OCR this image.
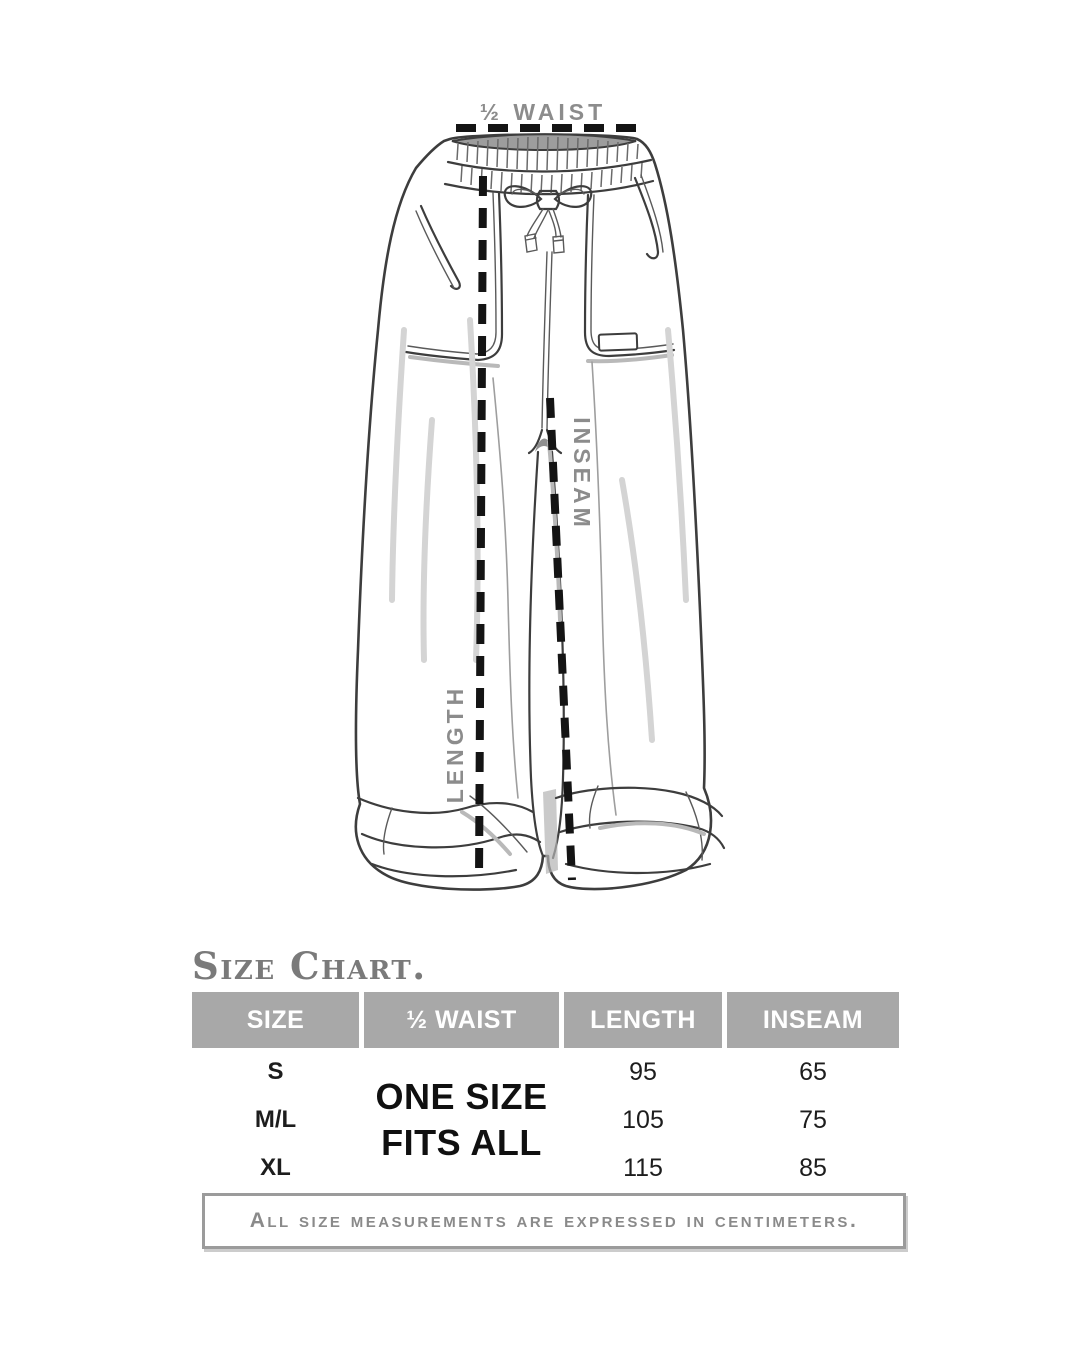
½ WAIST
LENGTH
INSEAM
Size Chart.
SIZE	½ WAIST	LENGTH	INSEAM
ONE SIZE
FITS ALL
S	95	65
M/L	105	75
XL	115	85
All size measurements are expressed in centimeters.
